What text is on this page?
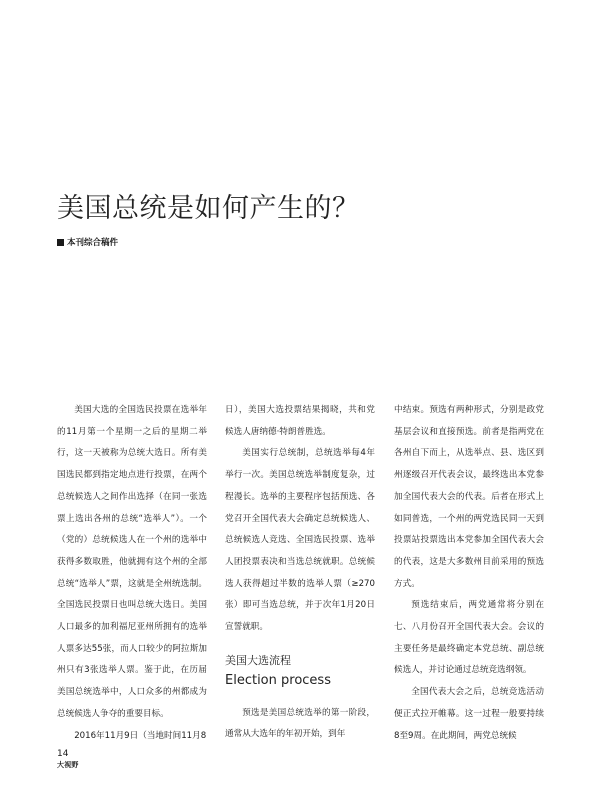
美国总统是如何产生的？
本刊综合稿件

美国大选的全国选民投票在选举年的11月第一个星期一之后的星期二举行，这一天被称为总统大选日。所有美国选民都到指定地点进行投票，在两个总统候选人之间作出选择（在同一张选票上选出各州的总统“选举人”）。一个（党的）总统候选人在一个州的选举中获得多数取胜，他就拥有这个州的全部总统“选举人”票，这就是全州统选制。全国选民投票日也叫总统大选日。美国人口最多的加利福尼亚州所拥有的选举人票多达55张，而人口较少的阿拉斯加州只有3张选举人票。鉴于此，在历届美国总统选举中，人口众多的州都成为总统候选人争夺的重要目标。

2016年11月9日（当地时间11月8

日），美国大选投票结果揭晓，共和党候选人唐纳德·特朗普胜选。

美国实行总统制，总统选举每4年举行一次。美国总统选举制度复杂，过程漫长。选举的主要程序包括预选、各党召开全国代表大会确定总统候选人、总统候选人竞选、全国选民投票、选举人团投票表决和当选总统就职。总统候选人获得超过半数的选举人票（≥270张）即可当选总统，并于次年1月20日宣誓就职。

美国大选流程
Election process

预选是美国总统选举的第一阶段，通常从大选年的年初开始，到年

中结束。预选有两种形式，分别是政党基层会议和直接预选。前者是指两党在各州自下而上，从选举点、县、选区到州逐级召开代表会议，最终选出本党参加全国代表大会的代表。后者在形式上如同普选，一个州的两党选民同一天到投票站投票选出本党参加全国代表大会的代表，这是大多数州目前采用的预选方式。

预选结束后，两党通常将分别在七、八月份召开全国代表大会。会议的主要任务是最终确定本党总统、副总统候选人，并讨论通过总统竞选纲领。

全国代表大会之后，总统竞选活动便正式拉开帷幕。这一过程一般要持续8至9周。在此期间，两党总统候

14
大视野
